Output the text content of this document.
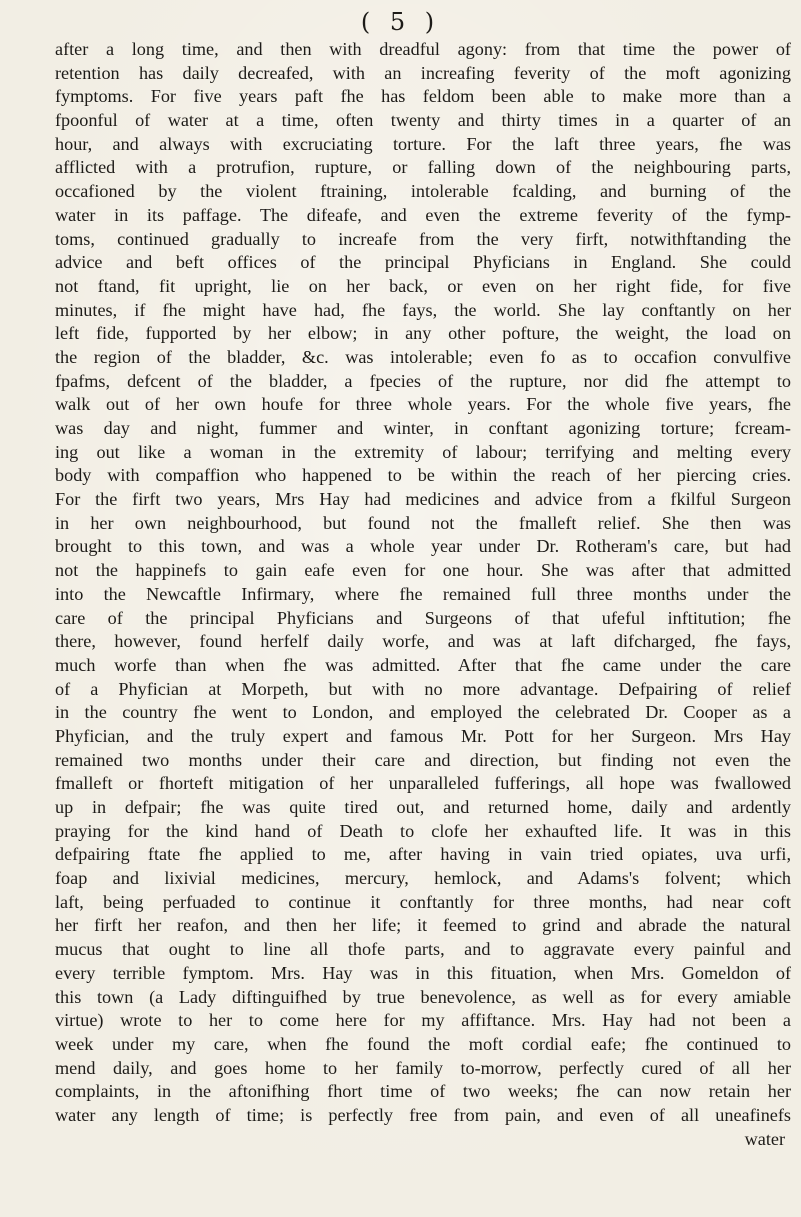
( 5 )
after a long time, and then with dreadful agony: from that time the power of
retention has daily decreafed, with an increafing feverity of the moft agonizing
fymptoms. For five years paft fhe has feldom been able to make more than a
fpoonful of water at a time, often twenty and thirty times in a quarter of an
hour, and always with excruciating torture. For the laft three years, fhe was
afflicted with a protrufion, rupture, or falling down of the neighbouring parts,
occafioned by the violent ftraining, intolerable fcalding, and burning of the
water in its paffage. The difeafe, and even the extreme feverity of the fymp-
toms, continued gradually to increafe from the very firft, notwithftanding the
advice and beft offices of the principal Phyficians in England. She could
not ftand, fit upright, lie on her back, or even on her right fide, for five
minutes, if fhe might have had, fhe fays, the world. She lay conftantly on her
left fide, fupported by her elbow; in any other pofture, the weight, the load on
the region of the bladder, &c. was intolerable; even fo as to occafion convulfive
fpafms, defcent of the bladder, a fpecies of the rupture, nor did fhe attempt to
walk out of her own houfe for three whole years. For the whole five years, fhe
was day and night, fummer and winter, in conftant agonizing torture; fcream-
ing out like a woman in the extremity of labour; terrifying and melting every
body with compaffion who happened to be within the reach of her piercing cries.
For the firft two years, Mrs Hay had medicines and advice from a fkilful Surgeon
in her own neighbourhood, but found not the fmalleft relief. She then was
brought to this town, and was a whole year under Dr. Rotheram's care, but had
not the happinefs to gain eafe even for one hour. She was after that admitted
into the Newcaftle Infirmary, where fhe remained full three months under the
care of the principal Phyficians and Surgeons of that ufeful inftitution; fhe
there, however, found herfelf daily worfe, and was at laft difcharged, fhe fays,
much worfe than when fhe was admitted. After that fhe came under the care
of a Phyfician at Morpeth, but with no more advantage. Defpairing of relief
in the country fhe went to London, and employed the celebrated Dr. Cooper as a
Phyfician, and the truly expert and famous Mr. Pott for her Surgeon. Mrs Hay
remained two months under their care and direction, but finding not even the
fmalleft or fhorteft mitigation of her unparalleled fufferings, all hope was fwallowed
up in defpair; fhe was quite tired out, and returned home, daily and ardently
praying for the kind hand of Death to clofe her exhaufted life. It was in this
defpairing ftate fhe applied to me, after having in vain tried opiates, uva urfi,
foap and lixivial medicines, mercury, hemlock, and Adams's folvent; which
laft, being perfuaded to continue it conftantly for three months, had near coft
her firft her reafon, and then her life; it feemed to grind and abrade the natural
mucus that ought to line all thofe parts, and to aggravate every painful and
every terrible fymptom. Mrs. Hay was in this fituation, when Mrs. Gomeldon of
this town (a Lady diftinguifhed by true benevolence, as well as for every amiable
virtue) wrote to her to come here for my affiftance. Mrs. Hay had not been a
week under my care, when fhe found the moft cordial eafe; fhe continued to
mend daily, and goes home to her family to-morrow, perfectly cured of all her
complaints, in the aftonifhing fhort time of two weeks; fhe can now retain her
water any length of time; is perfectly free from pain, and even of all uneafinefs
water
